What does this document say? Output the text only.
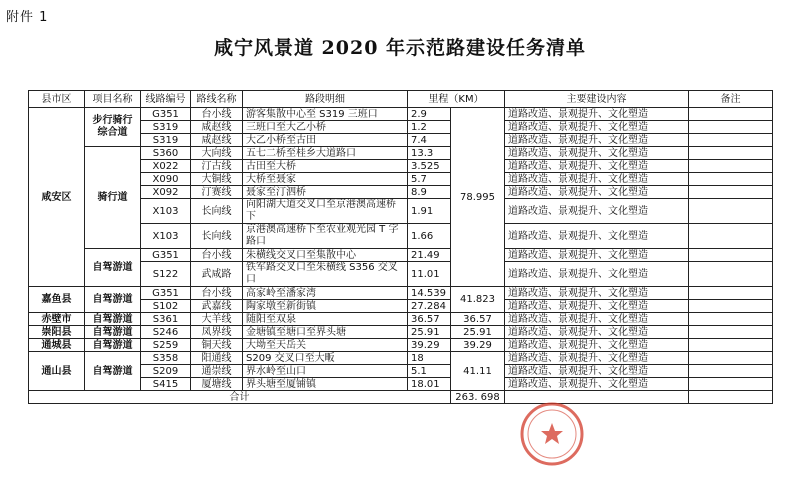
附件 1
咸宁风景道 2020 年示范路建设任务清单
县市区	项目名称	线路编号	路线名称	路段明细	里程（KM）		主要建设内容	备注
咸安区	步行骑行综合道	G351	台小线	游客集散中心至 S319 三班口	2.9	78.995	道路改造、景观提升、文化塑造	
		S319	咸赵线	三班口至大乙小桥	1.2		道路改造、景观提升、文化塑造	
		S319	咸赵线	大乙小桥至古田	7.4		道路改造、景观提升、文化塑造	
	骑行道	S360	大向线	五七二桥至桂乡大道路口	13.3		道路改造、景观提升、文化塑造	
		X022	汀古线	古田至大桥	3.525		道路改造、景观提升、文化塑造	
		X090	大铜线	大桥至聂家	5.7		道路改造、景观提升、文化塑造	
		X092	汀赛线	聂家至汀泗桥	8.9		道路改造、景观提升、文化塑造	
		X103	长向线	向阳湖大道交叉口至京港澳高速桥下	1.91		道路改造、景观提升、文化塑造	
		X103	长向线	京港澳高速桥下至农业观光园 T 字路口	1.66		道路改造、景观提升、文化塑造	
	自驾游道	G351	台小线	朱横线交叉口至集散中心	21.49		道路改造、景观提升、文化塑造	
		S122	武咸路	铁军路交叉口至朱横线 S356 交叉口	11.01		道路改造、景观提升、文化塑造	
嘉鱼县	自驾游道	G351	台小线	高家岭至潘家湾	14.539	41.823	道路改造、景观提升、文化塑造	
		S102	武嘉线	陶家墩至新街镇	27.284		道路改造、景观提升、文化塑造	
赤壁市	自驾游道	S361	大羊线	随阳至双泉	36.57	36.57	道路改造、景观提升、文化塑造	
崇阳县	自驾游道	S246	凤界线	金塘镇至塘口至界头塘	25.91	25.91	道路改造、景观提升、文化塑造	
通城县	自驾游道	S259	铜天线	大坳至天岳关	39.29	39.29	道路改造、景观提升、文化塑造	
通山县	自驾游道	S358	阳通线	S209 交叉口至大畈	18	41.11	道路改造、景观提升、文化塑造	
		S209	通崇线	界水岭至山口	5.1		道路改造、景观提升、文化塑造	
		S415	厦塘线	界头塘至厦铺镇	18.01		道路改造、景观提升、文化塑造	
合计						263. 698		
